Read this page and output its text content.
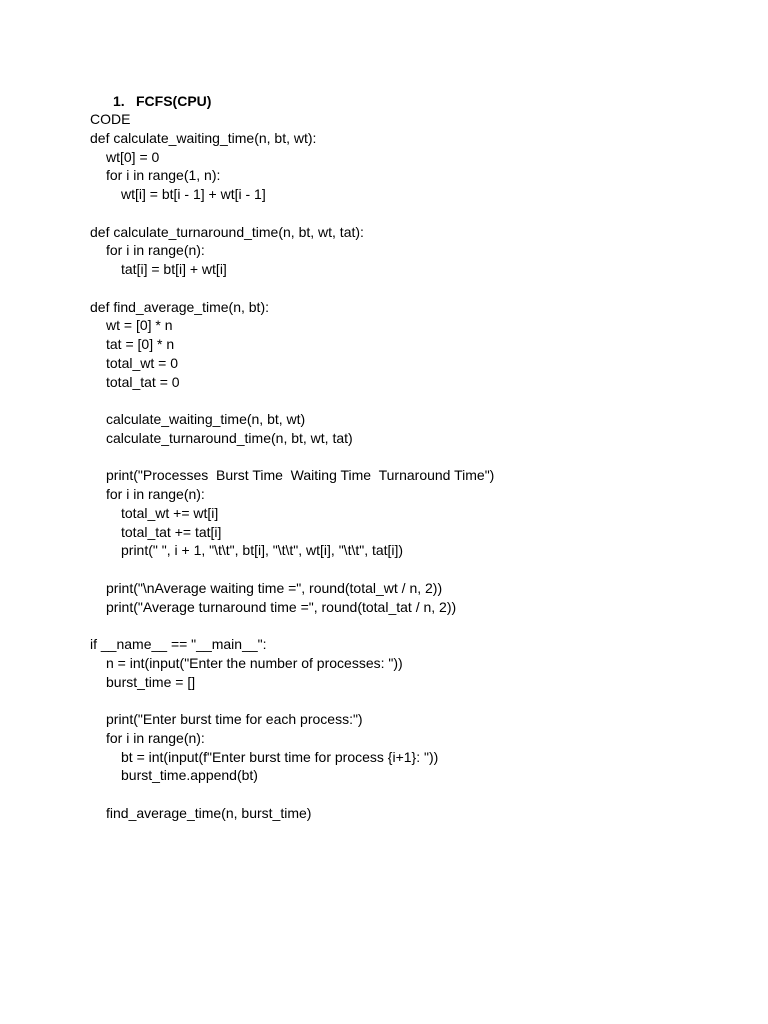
1. FCFS(CPU)
CODE
def calculate_waiting_time(n, bt, wt):
wt[0] = 0
for i in range(1, n):
wt[i] = bt[i - 1] + wt[i - 1]
def calculate_turnaround_time(n, bt, wt, tat):
for i in range(n):
tat[i] = bt[i] + wt[i]
def find_average_time(n, bt):
wt = [0] * n
tat = [0] * n
total_wt = 0
total_tat = 0
calculate_waiting_time(n, bt, wt)
calculate_turnaround_time(n, bt, wt, tat)
print("Processes  Burst Time  Waiting Time  Turnaround Time")
for i in range(n):
total_wt += wt[i]
total_tat += tat[i]
print(" ", i + 1, "\t\t", bt[i], "\t\t", wt[i], "\t\t", tat[i])
print("\nAverage waiting time =", round(total_wt / n, 2))
print("Average turnaround time =", round(total_tat / n, 2))
if __name__ == "__main__":
n = int(input("Enter the number of processes: "))
burst_time = []
print("Enter burst time for each process:")
for i in range(n):
bt = int(input(f"Enter burst time for process {i+1}: "))
burst_time.append(bt)
find_average_time(n, burst_time)
